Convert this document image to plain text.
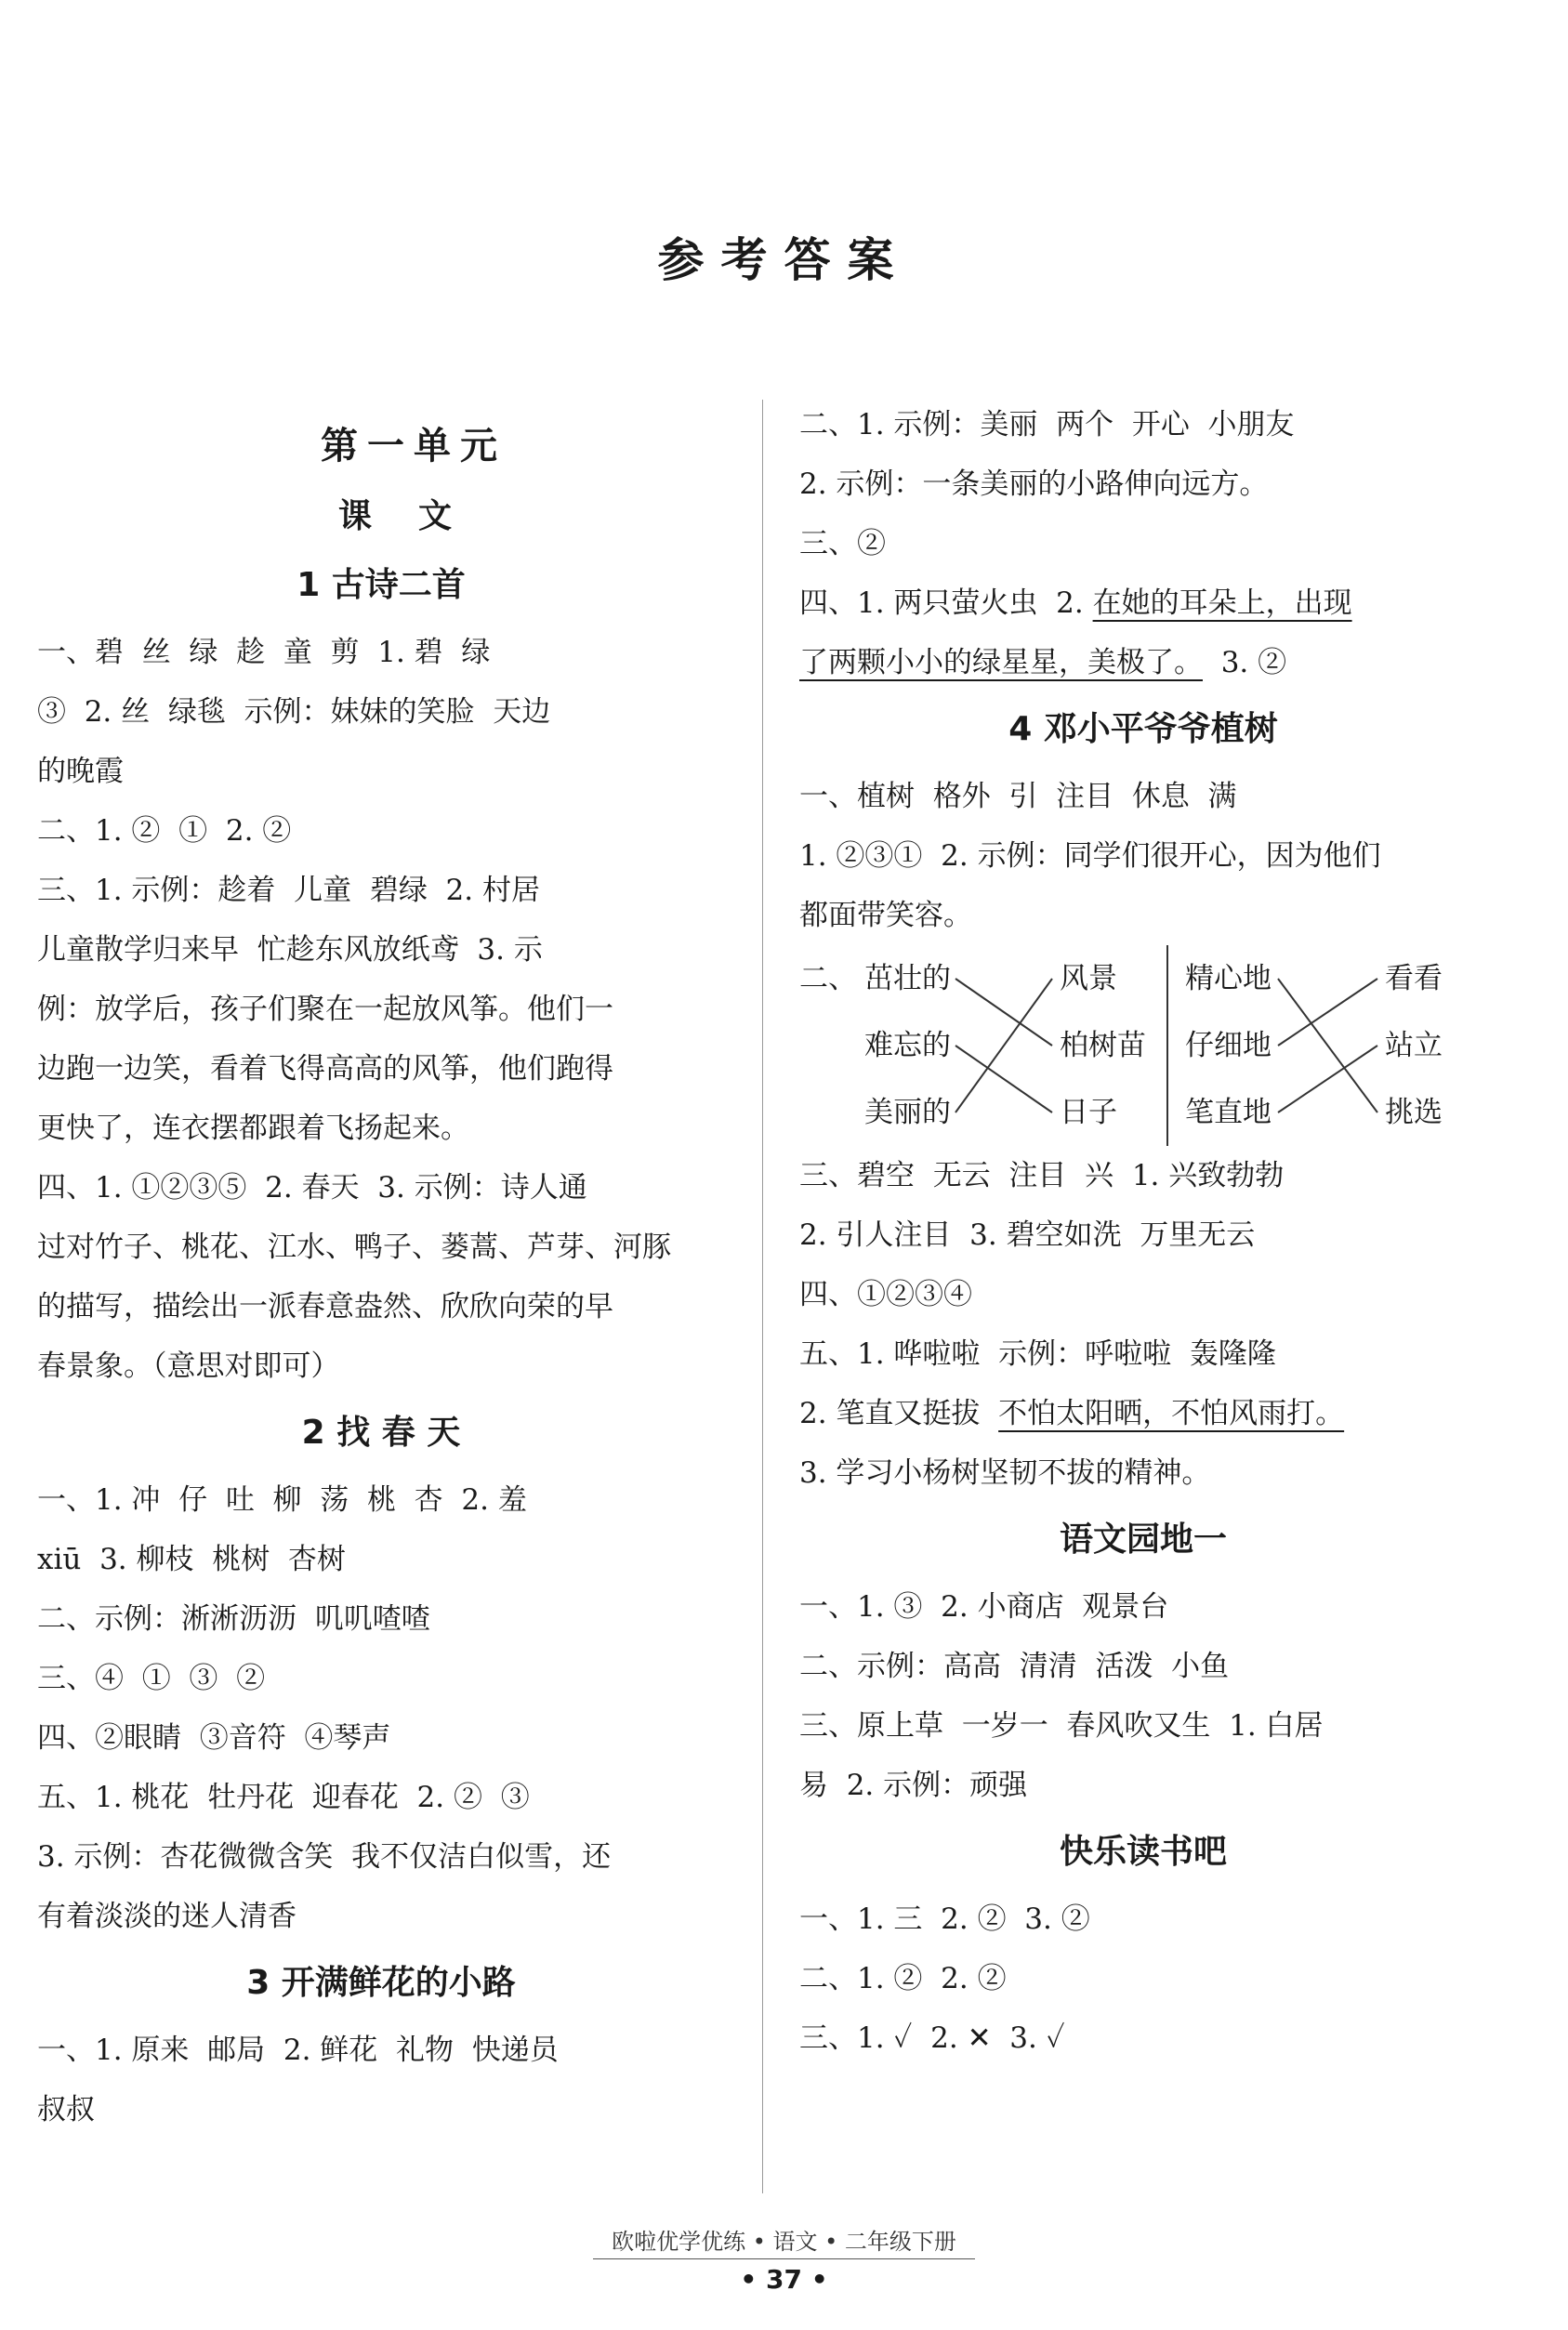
参考答案
第一单元
课文
1 古诗二首
一、碧  丝  绿  趁  童  剪  1. 碧  绿
③  2. 丝  绿毯  示例：妹妹的笑脸  天边
的晚霞
二、1. ②  ①  2. ②
三、1. 示例：趁着  儿童  碧绿  2. 村居
儿童散学归来早  忙趁东风放纸鸢  3. 示
例：放学后，孩子们聚在一起放风筝。他们一
边跑一边笑，看着飞得高高的风筝，他们跑得
更快了，连衣摆都跟着飞扬起来。
四、1. ①②③⑤  2. 春天  3. 示例：诗人通
过对竹子、桃花、江水、鸭子、蒌蒿、芦芽、河豚
的描写，描绘出一派春意盎然、欣欣向荣的早
春景象。（意思对即可）
2 找 春 天
一、1. 冲  仔  吐  柳  荡  桃  杏  2. 羞
xiū  3. 柳枝  桃树  杏树
二、示例：淅淅沥沥  叽叽喳喳
三、④  ①  ③  ②
四、②眼睛  ③音符  ④琴声
五、1. 桃花  牡丹花  迎春花  2. ②  ③
3. 示例：杏花微微含笑  我不仅洁白似雪，还
有着淡淡的迷人清香
3 开满鲜花的小路
一、1. 原来  邮局  2. 鲜花  礼物  快递员
叔叔
二、1. 示例：美丽  两个  开心  小朋友
2. 示例：一条美丽的小路伸向远方。
三、②
四、1. 两只萤火虫  2. 在她的耳朵上，出现
了两颗小小的绿星星，美极了。  3. ②
4 邓小平爷爷植树
一、植树  格外  引  注目  休息  满
1. ②③①  2. 示例：同学们很开心，因为他们
都面带笑容。
二、 茁壮的
难忘的
美丽的
风景
柏树苗
日子
精心地
仔细地
笔直地
看看
站立
挑选
三、碧空  无云  注目  兴  1. 兴致勃勃
2. 引人注目  3. 碧空如洗  万里无云
四、①②③④
五、1. 哗啦啦  示例：呼啦啦  轰隆隆
2. 笔直又挺拔  不怕太阳晒，不怕风雨打。
3. 学习小杨树坚韧不拔的精神。
语文园地一
一、1. ③  2. 小商店  观景台
二、示例：高高  清清  活泼  小鱼
三、原上草  一岁一  春风吹又生  1. 白居
易  2. 示例：顽强
快乐读书吧
一、1. 三  2. ②  3. ②
二、1. ②  2. ②
三、1. ✓  2. ✕  3. ✓
欧啦优学优练 • 语文 • 二年级下册
• 37 •
